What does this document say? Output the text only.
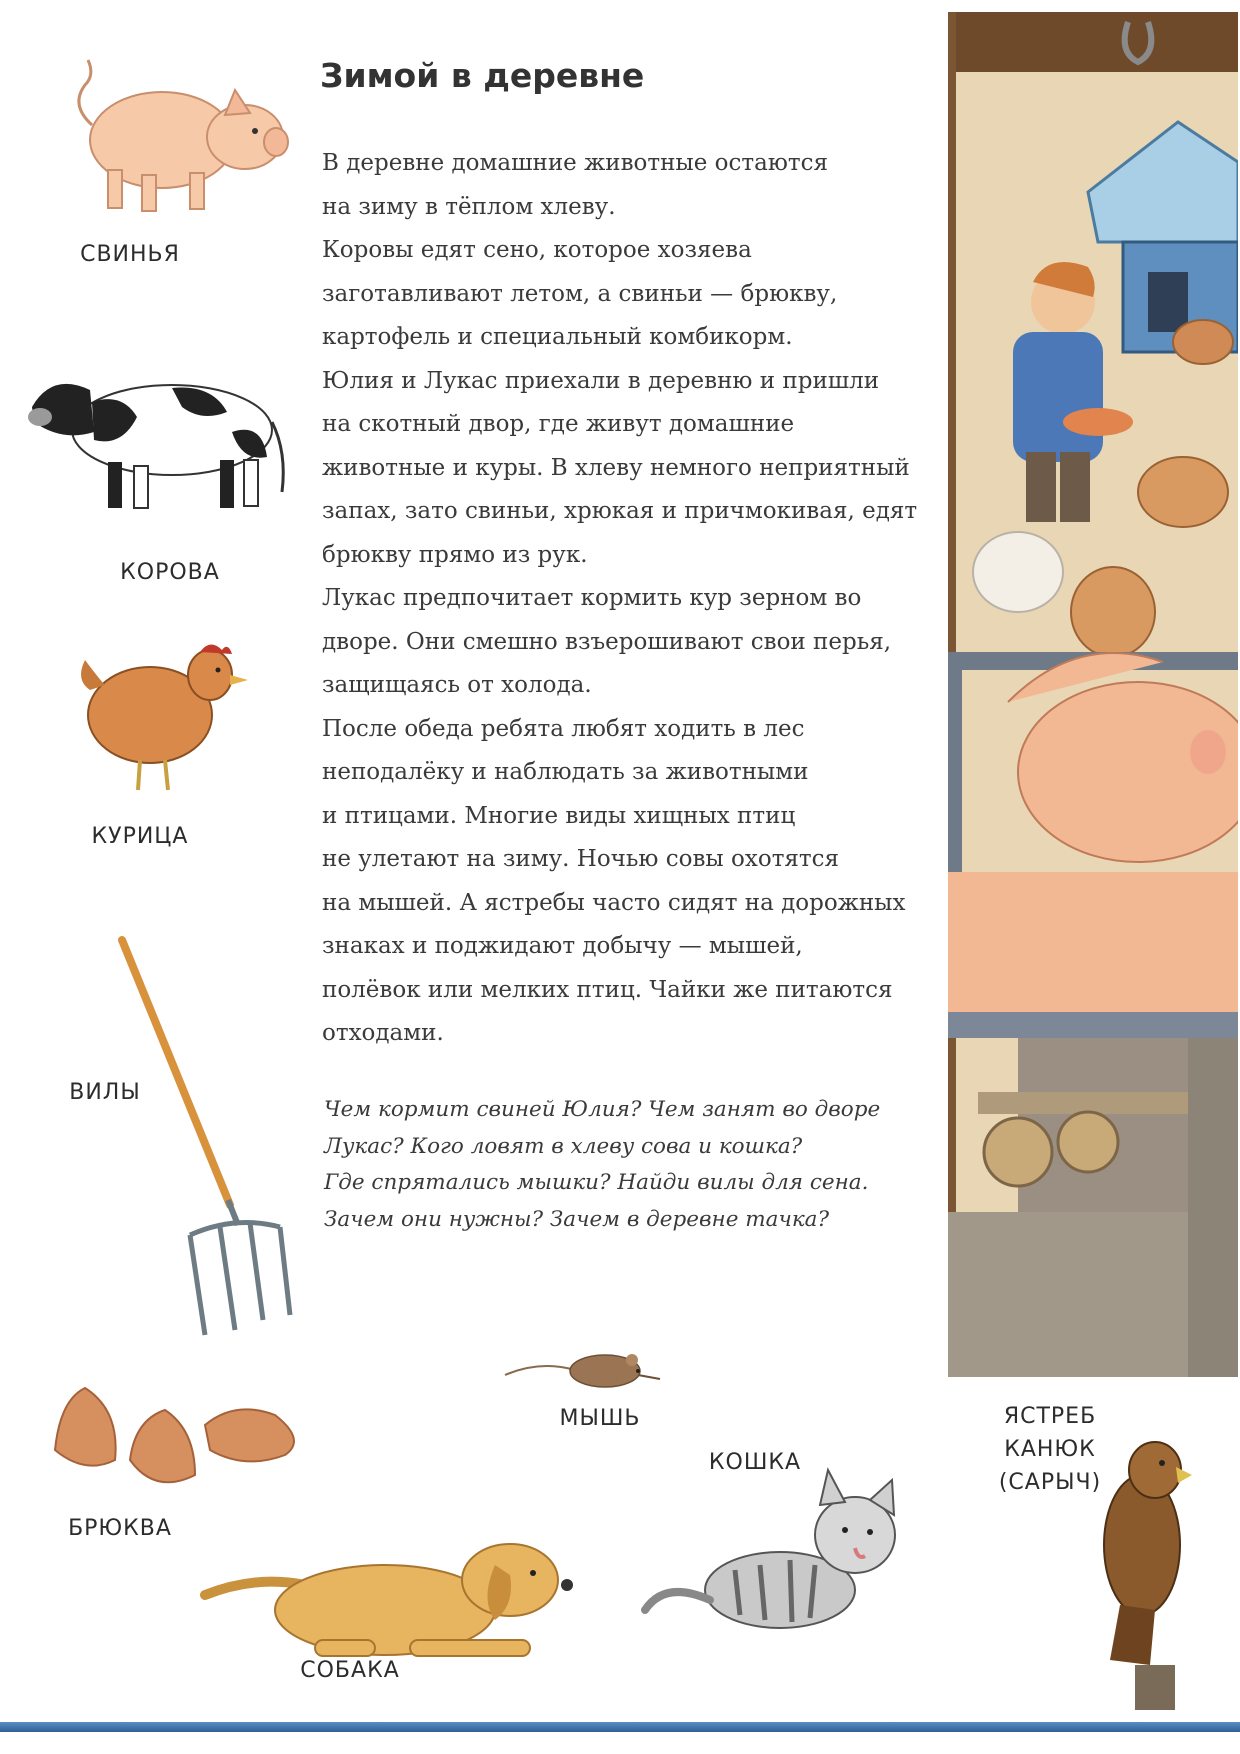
СВИНЬЯ
КОРОВА
КУРИЦА
ВИЛЫ
БРЮКВА
МЫШЬ
КОШКА
СОБАКА
ЯСТРЕБ
КАНЮК
(САРЫЧ)
Зимой в деревне
В деревне домашние животные остаются
на зиму в тёплом хлеву.
Коровы едят сено, которое хозяева
заготавливают летом, а свиньи — брюкву,
картофель и специальный комбикорм.
Юлия и Лукас приехали в деревню и пришли
на скотный двор, где живут домашние
животные и куры. В хлеву немного неприятный
запах, зато свиньи, хрюкая и причмокивая, едят
брюкву прямо из рук.
Лукас предпочитает кормить кур зерном во
дворе. Они смешно взъерошивают свои перья,
защищаясь от холода.
После обеда ребята любят ходить в лес
неподалёку и наблюдать за животными
и птицами. Многие виды хищных птиц
не улетают на зиму. Ночью совы охотятся
на мышей. А ястребы часто сидят на дорожных
знаках и поджидают добычу — мышей,
полёвок или мелких птиц. Чайки же питаются
отходами.
Чем кормит свиней Юлия? Чем занят во дворе
Лукас? Кого ловят в хлеву сова и кошка?
Где спрятались мышки? Найди вилы для сена.
Зачем они нужны? Зачем в деревне тачка?
